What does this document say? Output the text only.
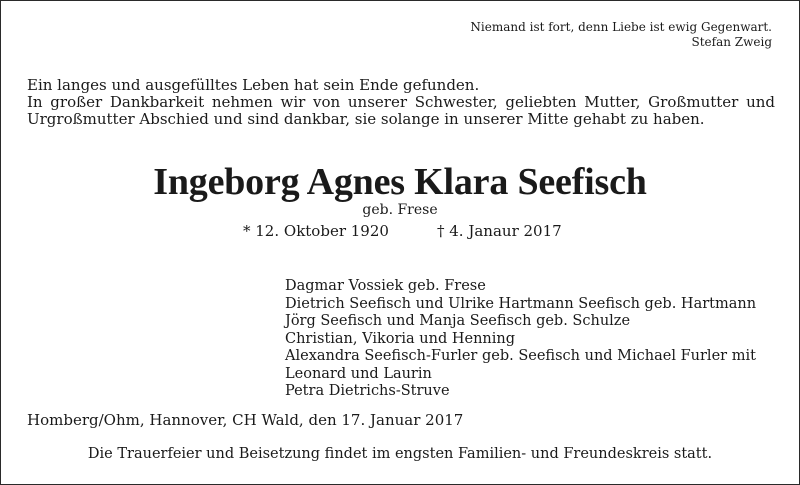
Niemand ist fort, denn Liebe ist ewig Gegenwart.
Stefan Zweig

Ein langes und ausgefülltes Leben hat sein Ende gefunden.

In großer Dankbarkeit nehmen wir von unserer Schwester, geliebten Mutter, Großmutter und Urgroßmutter Abschied und sind dankbar, sie solange in unserer Mitte gehabt zu haben.

Ingeborg Agnes Klara Seefisch
geb. Frese
* 12. Oktober 1920	† 4. Janaur 2017
Dagmar Vossiek geb. Frese
Dietrich Seefisch und Ulrike Hartmann Seefisch geb. Hartmann
Jörg Seefisch und Manja Seefisch geb. Schulze
Christian, Vikoria und Henning
Alexandra Seefisch-Furler geb. Seefisch und Michael Furler mit
Leonard und Laurin
Petra Dietrichs-Struve
Homberg/Ohm, Hannover, CH Wald, den 17. Januar 2017
Die Trauerfeier und Beisetzung findet im engsten Familien- und Freundeskreis statt.
